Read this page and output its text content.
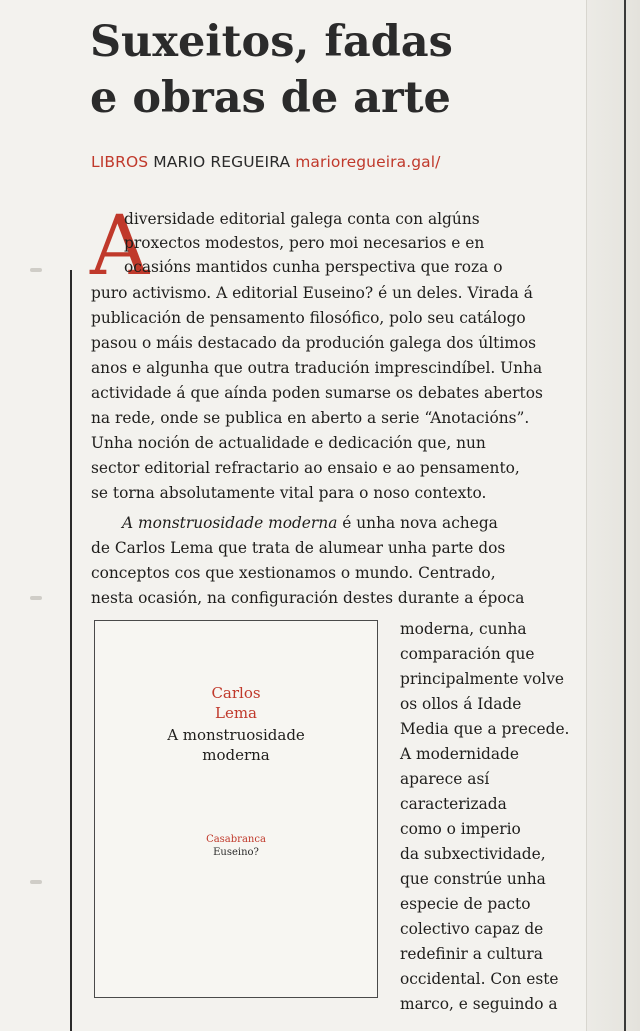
Suxeitos, fadas
e obras de arte
LIBROS MARIO REGUEIRA marioregueira.gal/
A
diversidade editorial galega conta con algúns
proxectos modestos, pero moi necesarios e en
ocasións mantidos cunha perspectiva que roza o
puro activismo. A editorial Euseino? é un deles. Virada á
publicación de pensamento filosófico, polo seu catálogo
pasou o máis destacado da produción galega dos últimos
anos e algunha que outra tradución imprescindíbel. Unha
actividade á que aínda poden sumarse os debates abertos
na rede, onde se publica en aberto a serie “Anotacións”.
Unha noción de actualidade e dedicación que, nun
sector editorial refractario ao ensaio e ao pensamento,
se torna absolutamente vital para o noso contexto.
A monstruosidade moderna é unha nova achega
de Carlos Lema que trata de alumear unha parte dos
conceptos cos que xestionamos o mundo. Centrado,
nesta ocasión, na configuración destes durante a época
moderna, cunha
comparación que
principalmente volve
os ollos á Idade
Media que a precede.
A modernidade
aparece así
caracterizada
como o imperio
da subxectividade,
que constrúe unha
especie de pacto
colectivo capaz de
redefinir a cultura
occidental. Con este
marco, e seguindo a
Carlos
Lema
A monstruosidade
moderna
Casabranca
Euseino?
